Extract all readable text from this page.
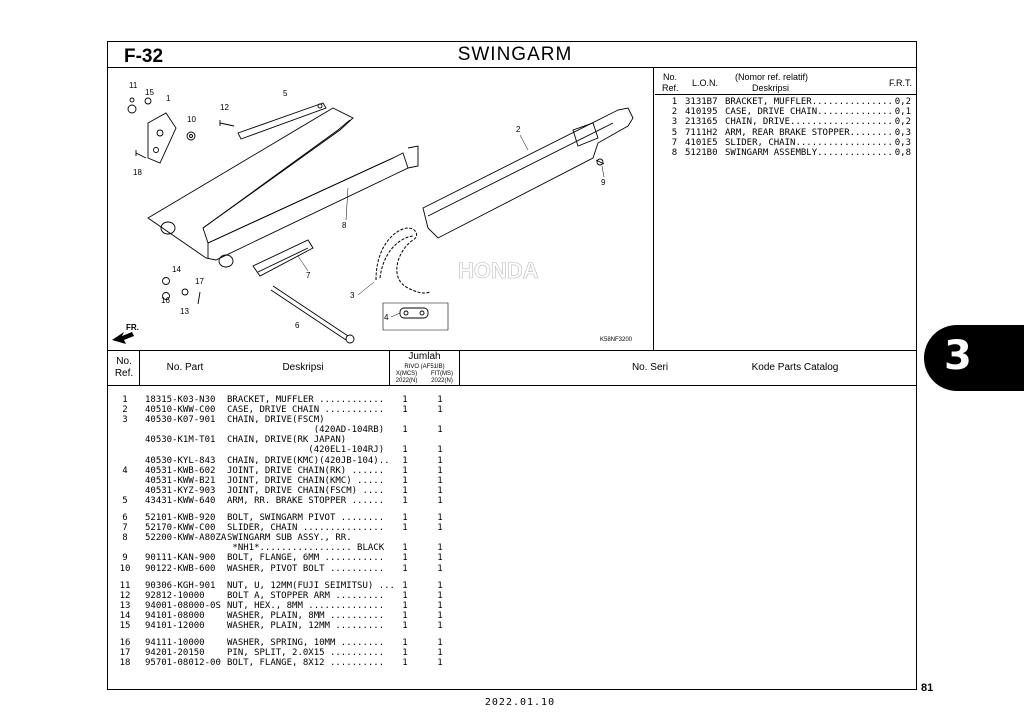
F-32	SWINGARM
No.
Ref. L.O.N.
(Nomor ref. relatif)
Deskripsi	F.R.T.
1 3131B7 BRACKET, MUFFLER............... 0,2
2 410195 CASE, DRIVE CHAIN.............. 0,1
3 213165 CHAIN, DRIVE................... 0,2
5 7111H2 ARM, REAR BRAKE STOPPER........ 0,3
7 4101E5 SLIDER, CHAIN.................. 0,3
8 5121B0 SWINGARM ASSEMBLY.............. 0,8
HONDA
FR.
K58NF3200
11
15
1
12
5
2
10
18
9
8
7
14
17
16
13
6
3
4
No.
Ref.
No. Part	Deskripsi
Jumlah
RIVO (AF51IB)
X(MCS)	FIT(MS)
2022(N)	2022(N)
No. Seri	Kode Parts Catalog
1	18315-K03-N30 BRACKET, MUFFLER ............	1	1
2	40510-KWW-C00 CASE, DRIVE CHAIN ...........	1	1
3	40530-K07-901 CHAIN, DRIVE(FSCM)
(420AD-104RB)	1	1
40530-K1M-T01 CHAIN, DRIVE(RK JAPAN)
(420EL1-104RJ)	1	1
40530-KYL-843 CHAIN, DRIVE(KMC)(420JB-104)..	1	1
4	40531-KWB-602 JOINT, DRIVE CHAIN(RK) ......	1	1
40531-KWW-B21 JOINT, DRIVE CHAIN(KMC) .....	1	1
40531-KYZ-903 JOINT, DRIVE CHAIN(FSCM) ....	1	1
5	43431-KWW-640 ARM, RR. BRAKE STOPPER ......	1	1
6	52101-KWB-920 BOLT, SWINGARM PIVOT ........	1	1
7	52170-KWW-C00 SLIDER, CHAIN ...............	1	1
8	52200-KWW-A80ZA SWINGARM SUB ASSY., RR.
*NH1*................. BLACK	1	1
9	90111-KAN-900 BOLT, FLANGE, 6MM ...........	1	1
10	90122-KWB-600 WASHER, PIVOT BOLT ..........	1	1
11	90306-KGH-901 NUT, U, 12MM(FUJI SEIMITSU) ... 1	1
12	92812-10000 BOLT A, STOPPER ARM .........	1	1
13	94001-08000-0S NUT, HEX., 8MM ..............	1	1
14	94101-08000 WASHER, PLAIN, 8MM ..........	1	1
15	94101-12000 WASHER, PLAIN, 12MM .........	1	1
16	94111-10000 WASHER, SPRING, 10MM ........	1	1
17	94201-20150 PIN, SPLIT, 2.0X15 ..........	1	1
18	95701-08012-00 BOLT, FLANGE, 8X12 ..........	1	1
3
81
2022.01.10
